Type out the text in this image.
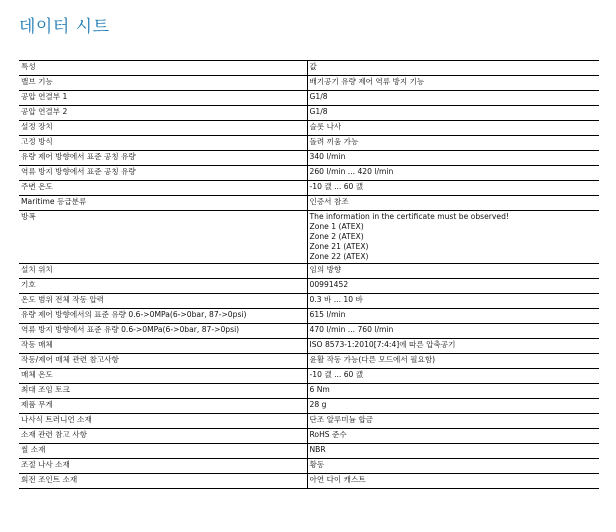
데이터 시트
특성	값
밸브 기능	배기공기 유량 제어 역류 방지 기능
공압 연결부 1	G1/8
공압 연결부 2	G1/8
설정 장치	슬롯 나사
고정 방식	돌려 끼움 가능
유량 제어 방향에서 표준 공칭 유량	340 l/min
역류 방지 방향에서 표준 공칭 유량	260 l/min ... 420 l/min
주변 온도	-10 캜 ... 60 캜
Maritime 등급분류	인증서 참조
방폭	The information in the certificate must be observed!
Zone 1 (ATEX)
Zone 2 (ATEX)
Zone 21 (ATEX)
Zone 22 (ATEX)

설치 위치	임의 방향
기호	00991452
온도 범위 전체 작동 압력	0.3 바 ... 10 바
유량 제어 방향에서의 표준 유량 0.6->0MPa(6->0bar, 87->0psi)	615 l/min
역류 방지 방향에서 표준 유량 0.6->0MPa(6->0bar, 87->0psi)	470 l/min ... 760 l/min
작동 매체	ISO 8573-1:2010[7:4:4]에 따른 압축공기
작동/제어 매체 관련 참고사항	윤활 작동 가능(다른 모드에서 필요함)
매체 온도	-10 캜 ... 60 캜
최대 조임 토크	6 Nm
제품 무게	28 g
나사식 트러니언 소재	단조 알루미늄 합금
소재 관련 참고 사항	RoHS 준수
씰 소재	NBR
조절 나사 소재	황동
회전 조인트 소재	아연 다이 캐스트
